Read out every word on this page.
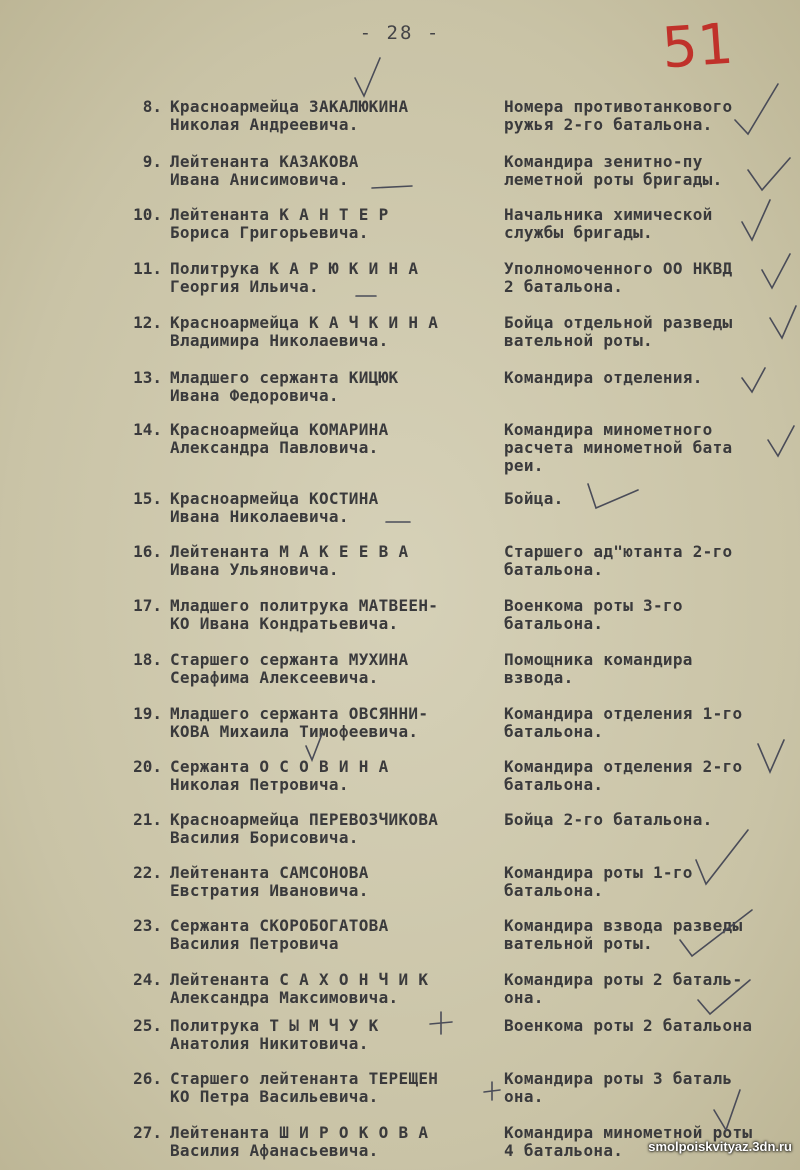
- 28 -	51
8. Красноармейца ЗАКАЛЮКИНА
Николая Андреевича.
Номера противотанкового
ружья 2-го батальона.
9. Лейтенанта КАЗАКОВА
Ивана Анисимовича.
Командира зенитно-пу
леметной роты бригады.
10. Лейтенанта К А Н Т Е Р
Бориса Григорьевича.
Начальника химической
службы бригады.
11. Политрука К А Р Ю К И Н А
Георгия Ильича.
Уполномоченного ОО НКВД
2 батальона.
12. Красноармейца К А Ч К И Н А
Владимира Николаевича.
Бойца отдельной разведы
вательной роты.
13. Младшего сержанта КИЦЮК
Ивана Федоровича.
Командира отделения.
14. Красноармейца КОМАРИНА
Александра Павловича.
Командира минометного
расчета минометной бата
реи.
15. Красноармейца КОСТИНА
Ивана Николаевича.
Бойца.
16. Лейтенанта М А К Е Е В А
Ивана Ульяновича.
Старшего ад"ютанта 2-го
батальона.
17. Младшего политрука МАТВЕЕН-
КО Ивана Кондратьевича.
Военкома роты 3-го
батальона.
18. Старшего сержанта МУХИНА
Серафима Алексеевича.
Помощника командира
взвода.
19. Младшего сержанта ОВСЯННИ-
КОВА Михаила Тимофеевича.
Командира отделения 1-го
батальона.
20. Сержанта О С О В И Н А
Николая Петровича.
Командира отделения 2-го
батальона.
21. Красноармейца ПЕРЕВОЗЧИКОВА
Василия Борисовича.
Бойца 2-го батальона.
22. Лейтенанта САМСОНОВА
Евстратия Ивановича.
Командира роты 1-го
батальона.
23. Сержанта СКОРОБОГАТОВА
Василия Петровича
Командира взвода разведы
вательной роты.
24. Лейтенанта С А Х О Н Ч И К
Александра Максимовича.
Командира роты 2 баталь-
она.
25. Политрука Т Ы М Ч У К
Анатолия Никитовича.
Военкома роты 2 батальона
26. Старшего лейтенанта ТЕРЕЩЕН
КО Петра Васильевича.
Командира роты 3 баталь
она.
27. Лейтенанта Ш И Р О К О В А
Василия Афанасьевича.
Командира минометной роты
4 батальона.	smolpoiskvityaz.3dn.ru
